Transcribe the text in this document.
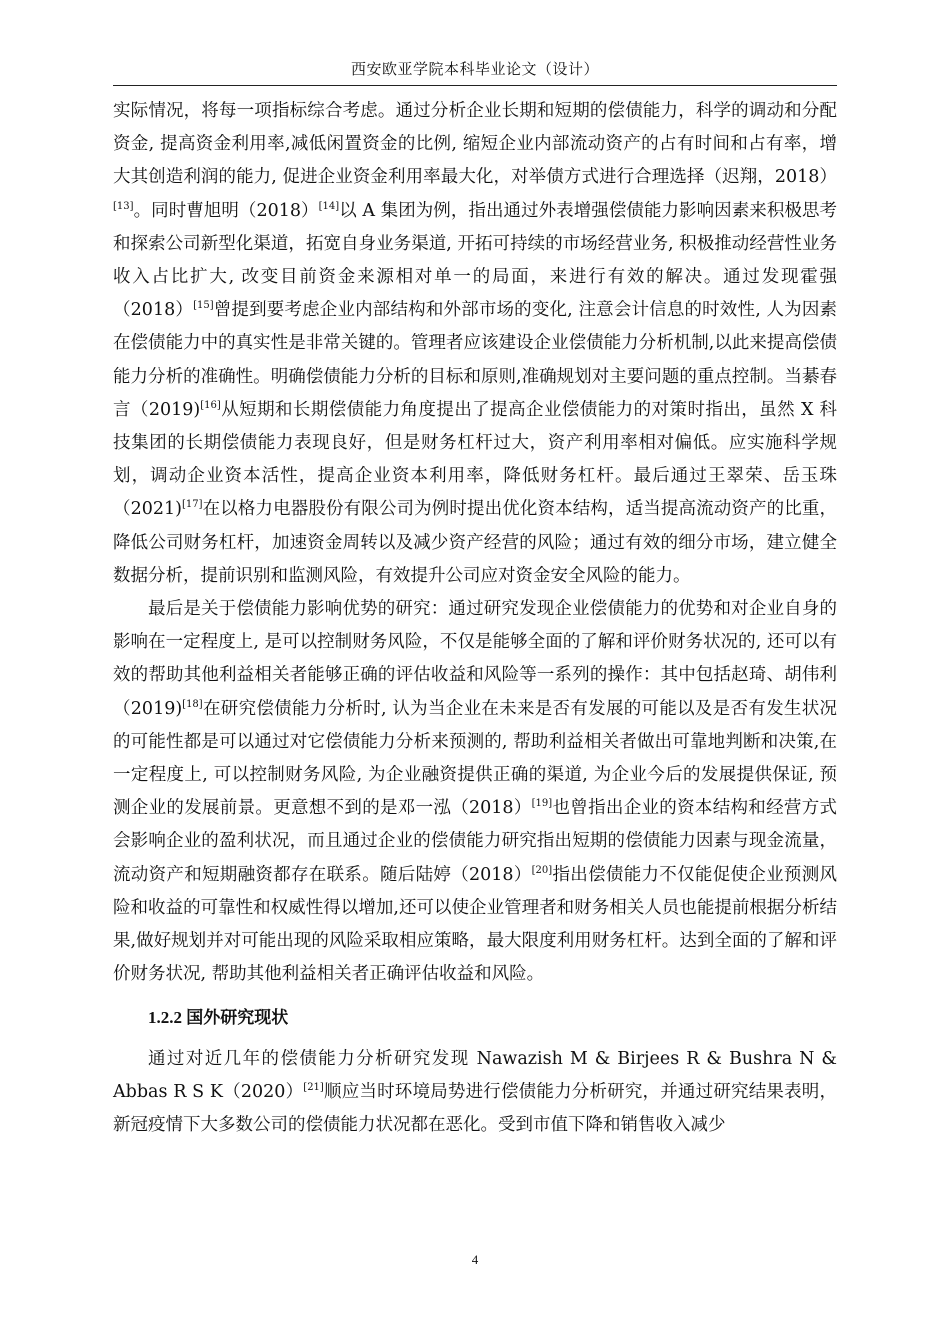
西安欧亚学院本科毕业论文（设计）

实际情况，将每一项指标综合考虑。通过分析企业长期和短期的偿债能力，科学的调动和分配资金, 提高资金利用率,减低闲置资金的比例, 缩短企业内部流动资产的占有时间和占有率，增大其创造利润的能力, 促进企业资金利用率最大化，对举债方式进行合理选择（迟翔，2018）[13]。同时曹旭明（2018）[14]以 A 集团为例，指出通过外表增强偿债能力影响因素来积极思考和探索公司新型化渠道，拓宽自身业务渠道, 开拓可持续的市场经营业务, 积极推动经营性业务收入占比扩大, 改变目前资金来源相对单一的局面，来进行有效的解决。通过发现霍强（2018）[15]曾提到要考虑企业内部结构和外部市场的变化, 注意会计信息的时效性, 人为因素在偿债能力中的真实性是非常关键的。管理者应该建设企业偿债能力分析机制,以此来提高偿债能力分析的准确性。明确偿债能力分析的目标和原则,准确规划对主要问题的重点控制。当綦春言（2019)[16]从短期和长期偿债能力角度提出了提高企业偿债能力的对策时指出，虽然 X 科技集团的长期偿债能力表现良好，但是财务杠杆过大，资产利用率相对偏低。应实施科学规划，调动企业资本活性，提高企业资本利用率，降低财务杠杆。最后通过王翠荣、岳玉珠（2021)[17]在以格力电器股份有限公司为例时提出优化资本结构，适当提高流动资产的比重，降低公司财务杠杆，加速资金周转以及减少资产经营的风险；通过有效的细分市场，建立健全数据分析，提前识别和监测风险，有效提升公司应对资金安全风险的能力。

最后是关于偿债能力影响优势的研究：通过研究发现企业偿债能力的优势和对企业自身的影响在一定程度上, 是可以控制财务风险，不仅是能够全面的了解和评价财务状况的, 还可以有效的帮助其他利益相关者能够正确的评估收益和风险等一系列的操作：其中包括赵琦、胡伟利（2019)[18]在研究偿债能力分析时, 认为当企业在未来是否有发展的可能以及是否有发生状况的可能性都是可以通过对它偿债能力分析来预测的, 帮助利益相关者做出可靠地判断和决策,在一定程度上, 可以控制财务风险, 为企业融资提供正确的渠道, 为企业今后的发展提供保证, 预测企业的发展前景。更意想不到的是邓一泓（2018）[19]也曾指出企业的资本结构和经营方式会影响企业的盈利状况，而且通过企业的偿债能力研究指出短期的偿债能力因素与现金流量，流动资产和短期融资都存在联系。随后陆婷（2018）[20]指出偿债能力不仅能促使企业预测风险和收益的可靠性和权威性得以增加,还可以使企业管理者和财务相关人员也能提前根据分析结果,做好规划并对可能出现的风险采取相应策略，最大限度利用财务杠杆。达到全面的了解和评价财务状况, 帮助其他利益相关者正确评估收益和风险。

1.2.2 国外研究现状

通过对近几年的偿债能力分析研究发现 Nawazish M & Birjees R & Bushra N & Abbas R S K（2020）[21]顺应当时环境局势进行偿债能力分析研究，并通过研究结果表明，新冠疫情下大多数公司的偿债能力状况都在恶化。受到市值下降和销售收入减少

4
